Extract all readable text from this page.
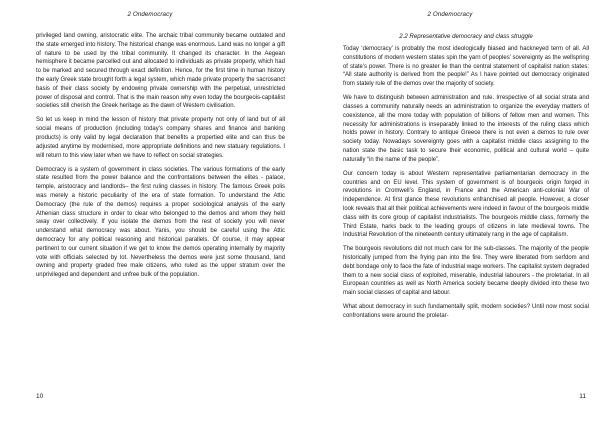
2 Ondemocracy

privileged land owning, aristocratic elite. The archaic tribal community became outdated and the state emerged into history. The historical change was enormous. Land was no longer a gift of nature to be used by the tribal community. It changed its character. In the Aegean hemisphere it became parcelled out and allocated to individuals as private property, which had to be marked and secured through exact definition. Hence, for the first time in human history the early Greek state brought forth a legal system, which made private property the sacrosanct basis of their class society by endowing private ownership with the perpetual, unrestricted power of disposal and control. That is the main reason why even today the bourgeois-capitalist societies still cherish the Greek heritage as the dawn of Western civilisation.

So let us keep in mind the lesson of history that private property not only of land but of all social means of production (including today’s company shares and finance and banking products) is only valid by legal declaration that benefits a propertied elite and can thus be adjusted anytime by modernised, more appropriate definitions and new statuary regulations. I will return to this view later when we have to reflect on social strategies.

Democracy is a system of government in class societies. The various formations of the early state resulted from the power balance and the confrontations between the elites - palace, temple, aristocracy and landlords– the first ruling classes in history. The famous Greek polis was merely a historic peculiarity of the era of state formation. To understand the Attic Democracy (the rule of the demos) requires a proper sociological analysis of the early Athenian class structure in order to clear who belonged to the demos and whom they held sway over collectively. If you isolate the demos from the rest of society you will never understand what democracy was about. Yanis, you should be careful using the Attic democracy for any political reasoning and historical parallels. Of course, it may appear pertinent to our current situation if we get to know the demos operating internally by majority vote with officials selected by lot. Nevertheless the demos were just some thousand, land owning and property graded free male citizens, who ruled as the upper stratum over the unprivileged and dependent and unfree bulk of the population.

10
2 Ondemocracy
2.2 Representative democracy and class struggle

Today ‘democracy’ is probably the most ideologically biased and hackneyed term of all. All constitutions of modern western states spin the yarn of peoples’ sovereignty as the wellspring of state’s power. There is no greater lie than the central statement of capitalist nation states: “All state authority is derived from the people!” As I have pointed out democracy originated from stately rule of the demos over the majority of society.

We have to distinguish between administration and rule. Irrespective of all social strata and classes a community naturally needs an administration to organize the everyday matters of coexistence, all the more today with population of billions of fellow men and women. This necessity for administrations is inseparably linked to the interests of the ruling class which holds power in history. Contrary to antique Greece there is not even a demos to rule over society today. Nowadays sovereignty goes with a capitalist middle class assigning to the nation state the basic task to secure their economic, political and cultural world – quite naturally “in the name of the people”.

Our concern today is about Western representative parliamentarian democracy in the countries and on EU level. This system of government is of bourgeois origin forged in revolutions in Cromwell’s England, in France and the American anti-colonial War of Independence. At first glance these revolutions enfranchised all people. However, a closer look reveals that all their political achievements were indeed in favour of the bourgeois middle class with its core group of capitalist industrialists. The bourgeois middle class, formerly the Third Estate, harks back to the leading groups of citizens in late medieval towns. The Industrial Revolution of the nineteenth century ultimately rang in the age of capitalism.

The bourgeois revolutions did not much care for the sub-classes. The majority of the people historically jumped from the frying pan into the fire. They were liberated from serfdom and debt bondage only to face the fate of industrial wage workers. The capitalist system degraded them to a new social class of exploited, miserable, industrial labourers - the proletariat. In all European countries as well as North America society became deeply divided into these two main social classes of capital and labour.

What about democracy in such fundamentally split, modern societies? Until now most social confrontations were around the proletar-

11
